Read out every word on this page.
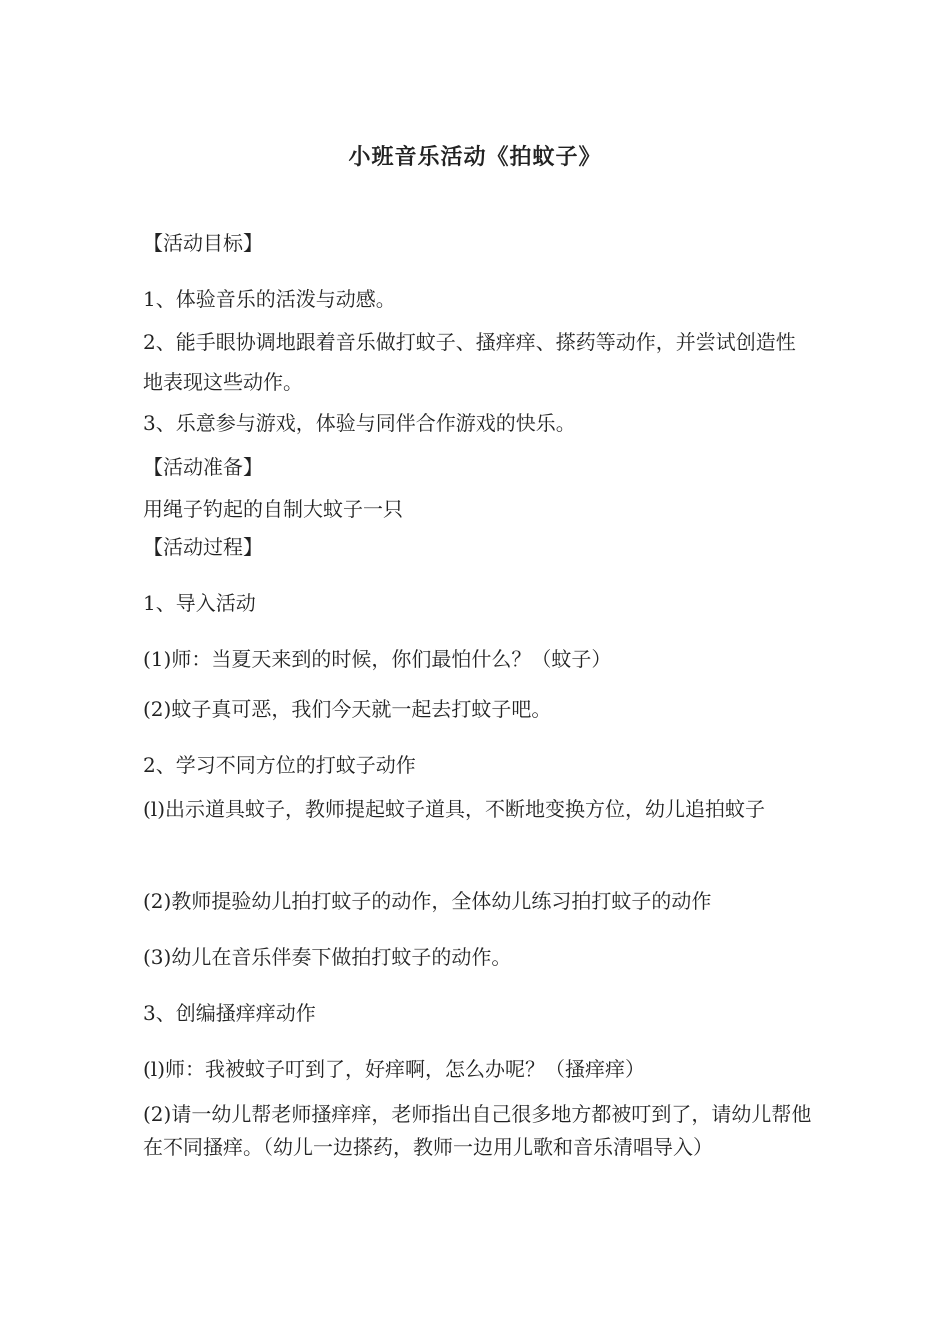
小班音乐活动《拍蚊子》
【活动目标】
1、体验音乐的活泼与动感。
2、能手眼协调地跟着音乐做打蚊子、搔痒痒、搽药等动作，并尝试创造性地表现这些动作。
3、乐意参与游戏，体验与同伴合作游戏的快乐。
【活动准备】
用绳子钓起的自制大蚊子一只
【活动过程】
1、导入活动
(1)师：当夏天来到的时候，你们最怕什么？（蚊子）
(2)蚊子真可恶，我们今天就一起去打蚊子吧。
2、学习不同方位的打蚊子动作
(l)出示道具蚊子，教师提起蚊子道具，不断地变换方位，幼儿追拍蚊子
(2)教师提验幼儿拍打蚊子的动作，全体幼儿练习拍打蚊子的动作
(3)幼儿在音乐伴奏下做拍打蚊子的动作。
3、创编搔痒痒动作
(l)师：我被蚊子叮到了，好痒啊，怎么办呢？（搔痒痒）
(2)请一幼儿帮老师搔痒痒，老师指出自己很多地方都被叮到了，请幼儿帮他在不同搔痒。（幼儿一边搽药，教师一边用儿歌和音乐清唱导入）
